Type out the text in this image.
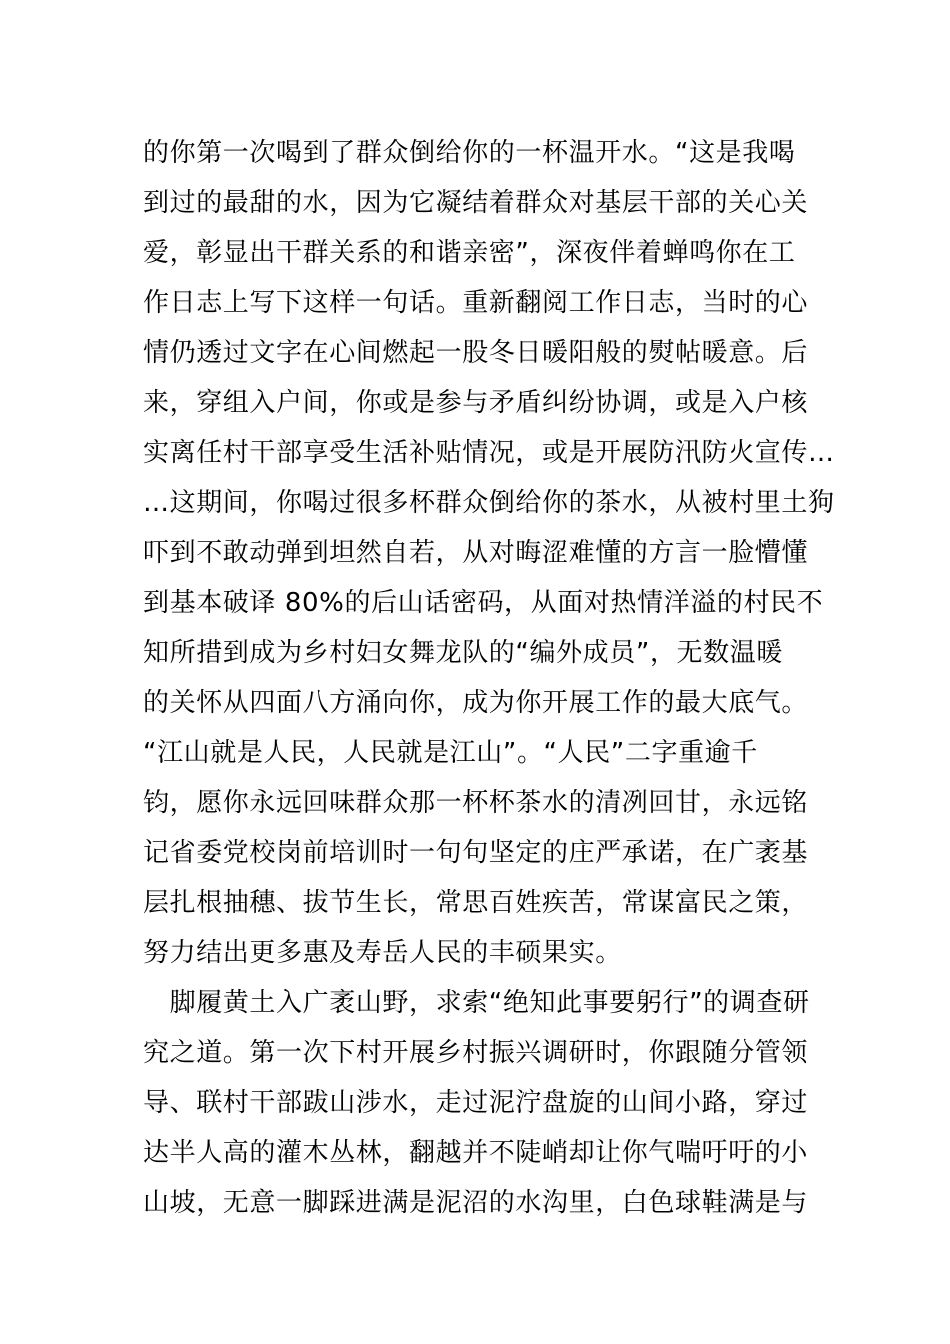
的你第一次喝到了群众倒给你的一杯温开水。“这是我喝
到过的最甜的水，因为它凝结着群众对基层干部的关心关
爱，彰显出干群关系的和谐亲密”，深夜伴着蝉鸣你在工
作日志上写下这样一句话。重新翻阅工作日志，当时的心
情仍透过文字在心间燃起一股冬日暖阳般的熨帖暖意。后
来，穿组入户间，你或是参与矛盾纠纷协调，或是入户核
实离任村干部享受生活补贴情况，或是开展防汛防火宣传…
…这期间，你喝过很多杯群众倒给你的茶水，从被村里土狗
吓到不敢动弹到坦然自若，从对晦涩难懂的方言一脸懵懂
到基本破译 80%的后山话密码，从面对热情洋溢的村民不
知所措到成为乡村妇女舞龙队的“编外成员”，无数温暖
的关怀从四面八方涌向你，成为你开展工作的最大底气。
“江山就是人民，人民就是江山”。“人民”二字重逾千
钧，愿你永远回味群众那一杯杯茶水的清冽回甘，永远铭
记省委党校岗前培训时一句句坚定的庄严承诺，在广袤基
层扎根抽穗、拔节生长，常思百姓疾苦，常谋富民之策，
努力结出更多惠及寿岳人民的丰硕果实。
　脚履黄土入广袤山野，求索“绝知此事要躬行”的调查研
究之道。第一次下村开展乡村振兴调研时，你跟随分管领
导、联村干部跋山涉水，走过泥泞盘旋的山间小路，穿过
达半人高的灌木丛林，翻越并不陡峭却让你气喘吁吁的小
山坡，无意一脚踩进满是泥沼的水沟里，白色球鞋满是与
